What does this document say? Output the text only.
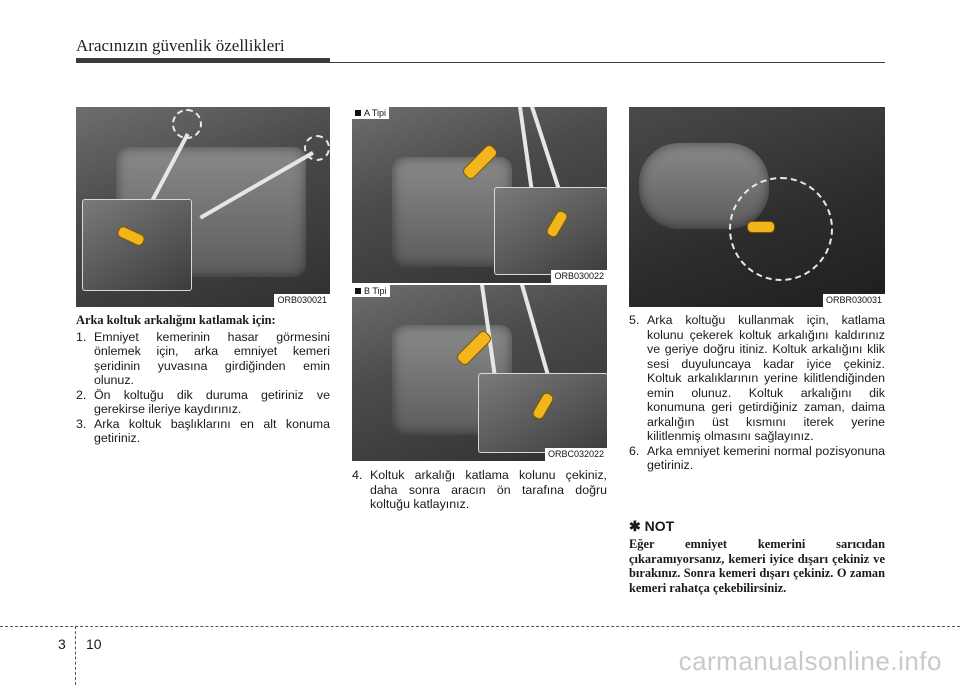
Aracınızın güvenlik özellikleri
ORB030021
A Tipi
ORB030022
B Tipi
ORBC032022
ORBR030031

Arka koltuk arkalığını katlamak için:

1. Emniyet kemerinin hasar görmesini önlemek için, arka emniyet kemeri şeridinin yuvasına girdiğinden emin olunuz.

2. Ön koltuğu dik duruma getiriniz ve gerekirse ileriye kaydırınız.

3. Arka koltuk başlıklarını en alt konuma getiriniz.

4. Koltuk arkalığı katlama kolunu çekiniz, daha sonra aracın ön tarafına doğru koltuğu katlayınız.

5. Arka koltuğu kullanmak için, katlama kolunu çekerek koltuk arkalığını kaldırınız ve geriye doğru itiniz. Koltuk arkalığını klik sesi duyuluncaya kadar iyice çekiniz. Koltuk arkalıklarının yerine kilitlendiğinden emin olunuz. Koltuk arkalığını dik konumuna geri getirdiğiniz zaman, daima arkalığın üst kısmını iterek yerine kilitlenmiş olmasını sağlayınız.

6. Arka emniyet kemerini normal pozisyonuna getiriniz.

✱ NOT
Eğer emniyet kemerini sarıcıdan çıkaramıyorsanız, kemeri iyice dışarı çekiniz ve bırakınız. Sonra kemeri dışarı çekiniz. O zaman kemeri rahatça çekebilirsiniz.
3 10
carmanualsonline.info
